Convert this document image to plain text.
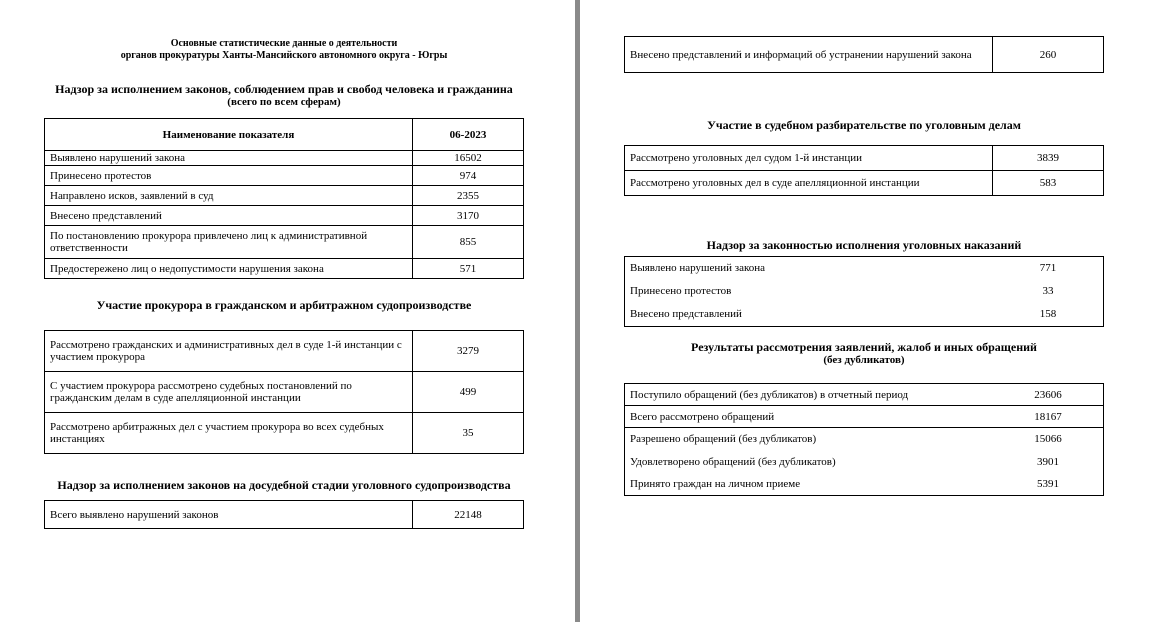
Основные статистические данные о деятельности
органов прокуратуры Ханты-Мансийского автономного округа - Югры
Надзор за исполнением законов, соблюдением прав и свобод человека и гражданина
(всего по всем сферам)
Наименование показателя	06-2023
Выявлено нарушений закона	16502
Принесено протестов	974
Направлено исков, заявлений в суд	2355
Внесено представлений	3170
По постановлению прокурора привлечено лиц к административной ответственности	855
Предостережено лиц о недопустимости нарушения закона	571
Участие прокурора в гражданском и арбитражном судопроизводстве
Рассмотрено гражданских и административных дел в суде 1-й инстанции с участием прокурора	3279
С участием прокурора рассмотрено судебных постановлений по гражданским делам в суде апелляционной инстанции	499
Рассмотрено арбитражных дел с участием прокурора во всех судебных инстанциях	35
Надзор за исполнением законов на досудебной стадии уголовного судопроизводства
Всего выявлено нарушений законов	22148
Внесено представлений и информаций об устранении нарушений закона	260
Участие в судебном разбирательстве по уголовным делам
Рассмотрено уголовных дел судом 1-й инстанции	3839
Рассмотрено уголовных дел в суде апелляционной инстанции	583
Надзор за законностью исполнения уголовных наказаний
Выявлено нарушений закона	771
Принесено протестов	33
Внесено представлений	158
Результаты рассмотрения заявлений, жалоб и иных обращений
(без дубликатов)
Поступило обращений (без дубликатов) в отчетный период	23606
Всего рассмотрено обращений	18167
Разрешено обращений (без дубликатов)	15066
Удовлетворено обращений (без дубликатов)	3901
Принято граждан на личном приеме	5391
